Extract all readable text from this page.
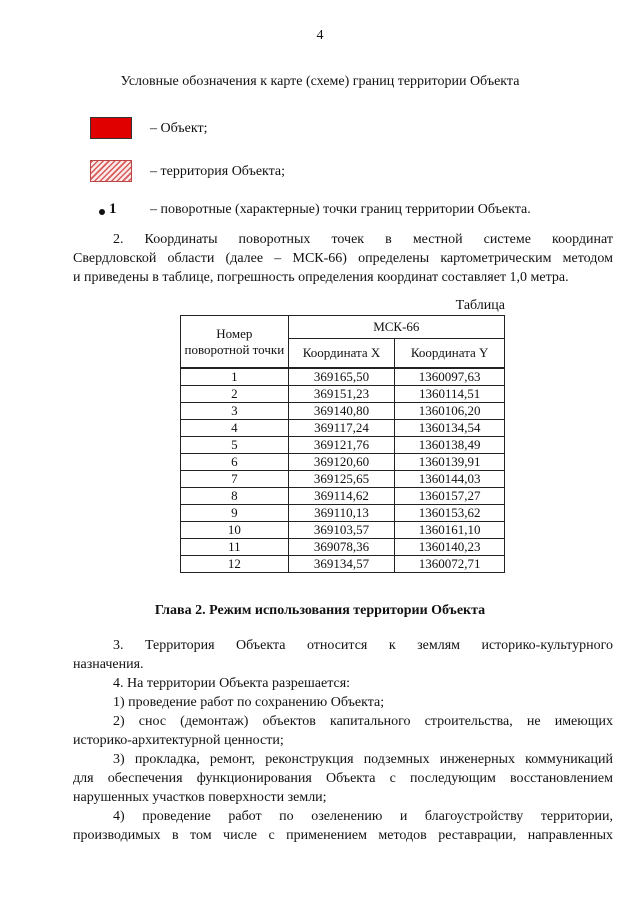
4
Условные обозначения к карте (схеме) границ территории Объекта
– Объект;
– территория Объекта;
1 – поворотные (характерные) точки границ территории Объекта.
2. Координаты поворотных точек в местной системе координат
Свердловской области (далее – МСК-66) определены картометрическим методом
и приведены в таблице, погрешность определения координат составляет 1,0 метра.
Таблица
Номер поворотной точки	МСК-66	
	Координата X	Координата Y
1	369165,50	1360097,63
2	369151,23	1360114,51
3	369140,80	1360106,20
4	369117,24	1360134,54
5	369121,76	1360138,49
6	369120,60	1360139,91
7	369125,65	1360144,03
8	369114,62	1360157,27
9	369110,13	1360153,62
10	369103,57	1360161,10
11	369078,36	1360140,23
12	369134,57	1360072,71
Глава 2. Режим использования территории Объекта
3. Территория Объекта относится к землям историко-культурного
назначения.
4. На территории Объекта разрешается:
1) проведение работ по сохранению Объекта;
2) снос (демонтаж) объектов капитального строительства, не имеющих
историко-архитектурной ценности;
3) прокладка, ремонт, реконструкция подземных инженерных коммуникаций
для обеспечения функционирования Объекта с последующим восстановлением
нарушенных участков поверхности земли;
4) проведение работ по озеленению и благоустройству территории,
производимых в том числе с применением методов реставрации, направленных
